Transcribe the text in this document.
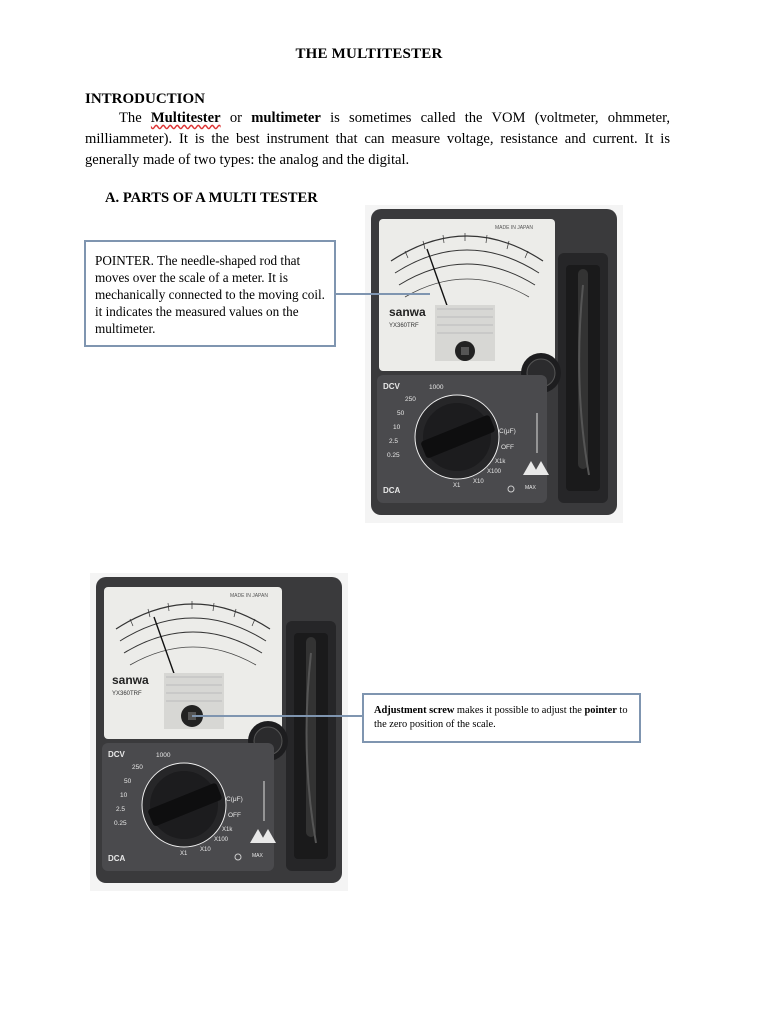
THE MULTITESTER
INTRODUCTION
The Multitester or multimeter is sometimes called the VOM (voltmeter, ohmmeter, milliammeter). It is the best instrument that can measure voltage, resistance and current. It is generally made of two types: the analog and the digital.
A. PARTS OF A MULTI TESTER
sanwa
YX360TRF
MADE IN JAPAN
DCV
DCA
1000
250
50
10
2.5
0.25
C(μF)
OFF
X1k
X100
X10
X1	MAX
POINTER. The needle-shaped rod that moves over the scale of a meter. It is mechanically connected to the moving coil. it indicates the measured values on the multimeter.
sanwa
YX360TRF
MADE IN JAPAN
DCV
DCA
1000
250
50
10
2.5
0.25
C(μF)
OFF
X1k
X100
X10
X1	MAX
Adjustment screw makes it possible to adjust the pointer to the zero position of the scale.
